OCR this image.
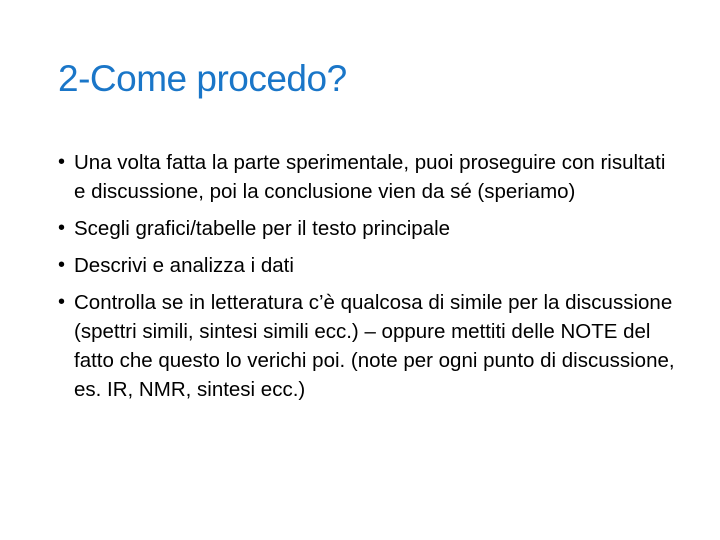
2-Come procedo?
• Una volta fatta la parte sperimentale, puoi proseguire con risultati e discussione, poi la conclusione vien da sé (speriamo)
• Scegli grafici/tabelle per il testo principale
• Descrivi e analizza i dati
• Controlla se in letteratura c’è qualcosa di simile per la discussione (spettri simili, sintesi simili ecc.) – oppure mettiti delle NOTE del fatto che questo lo verichi poi. (note per ogni punto di discussione, es. IR, NMR, sintesi ecc.)
